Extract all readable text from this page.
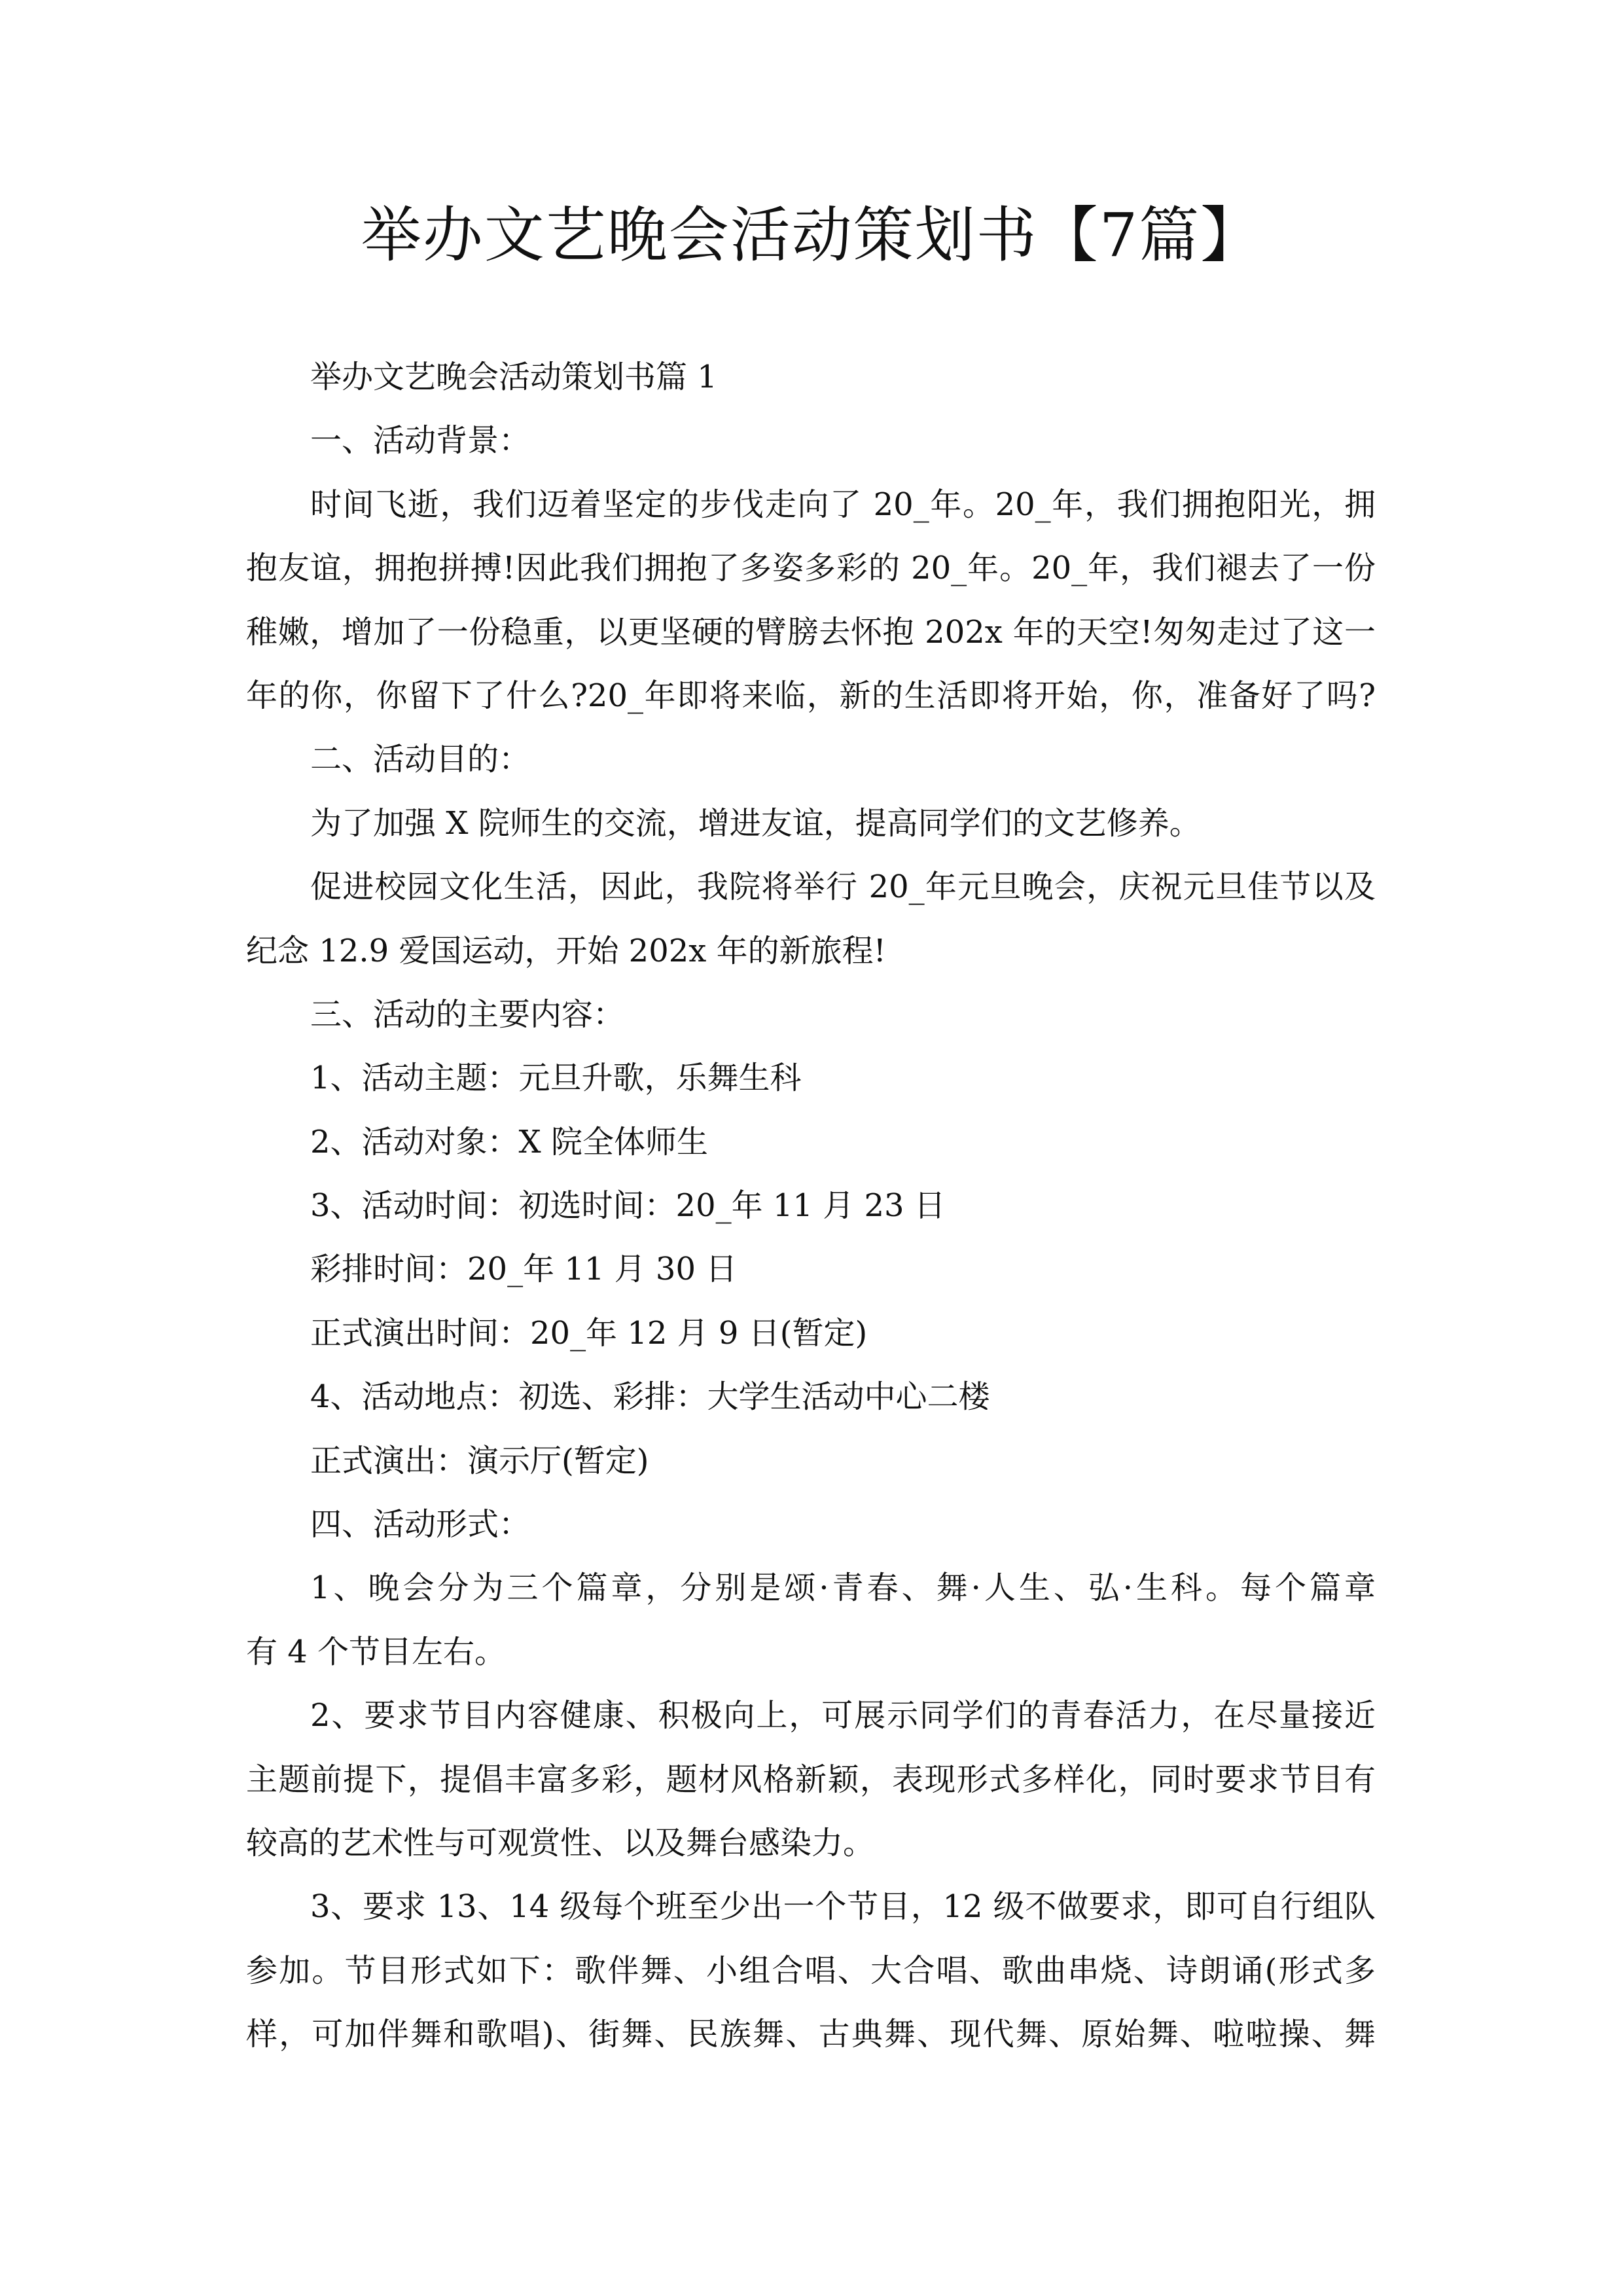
举办文艺晚会活动策划书【7篇】
举办文艺晚会活动策划书篇 1
一、活动背景：
时间飞逝，我们迈着坚定的步伐走向了 20_年。20_年，我们拥抱阳光，拥
抱友谊，拥抱拼搏!因此我们拥抱了多姿多彩的 20_年。20_年，我们褪去了一份
稚嫩，增加了一份稳重，以更坚硬的臂膀去怀抱 202x 年的天空!匆匆走过了这一
年的你，你留下了什么?20_年即将来临，新的生活即将开始，你，准备好了吗?
二、活动目的：
为了加强 X 院师生的交流，增进友谊，提高同学们的文艺修养。
促进校园文化生活，因此，我院将举行 20_年元旦晚会，庆祝元旦佳节以及
纪念 12.9 爱国运动，开始 202x 年的新旅程!
三、活动的主要内容：
1、活动主题：元旦升歌，乐舞生科
2、活动对象：X 院全体师生
3、活动时间：初选时间：20_年 11 月 23 日
彩排时间：20_年 11 月 30 日
正式演出时间：20_年 12 月 9 日(暂定)
4、活动地点：初选、彩排：大学生活动中心二楼
正式演出：演示厅(暂定)
四、活动形式：
1、晚会分为三个篇章，分别是颂·青春、舞·人生、弘·生科。每个篇章
有 4 个节目左右。
2、要求节目内容健康、积极向上，可展示同学们的青春活力，在尽量接近
主题前提下，提倡丰富多彩，题材风格新颖，表现形式多样化，同时要求节目有
较高的艺术性与可观赏性、以及舞台感染力。
3、要求 13、14 级每个班至少出一个节目，12 级不做要求，即可自行组队
参加。节目形式如下：歌伴舞、小组合唱、大合唱、歌曲串烧、诗朗诵(形式多
样，可加伴舞和歌唱)、街舞、民族舞、古典舞、现代舞、原始舞、啦啦操、舞
